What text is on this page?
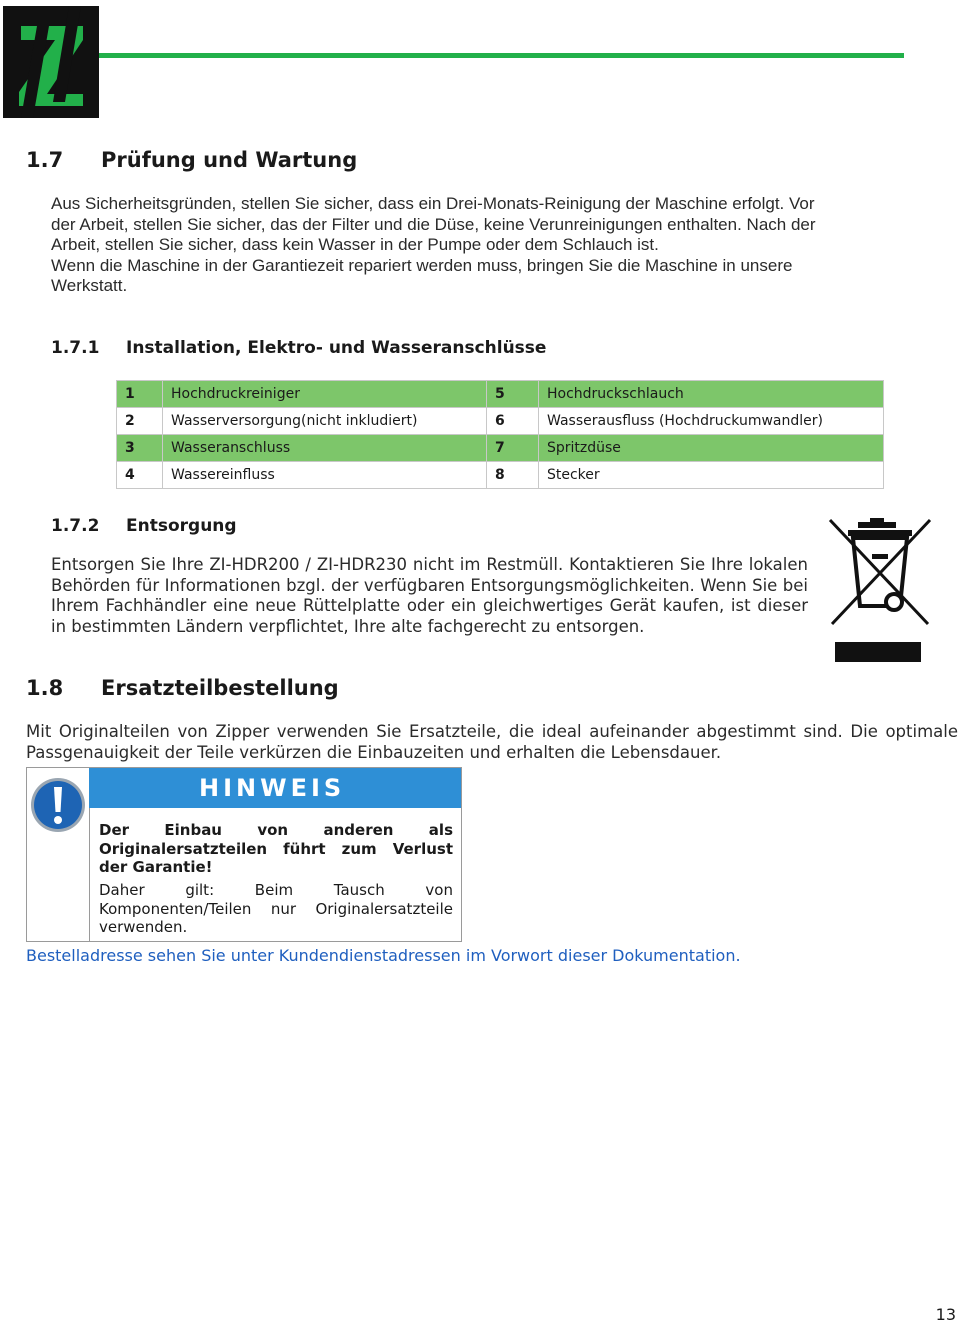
1.7 Prüfung und Wartung
Aus Sicherheitsgründen, stellen Sie sicher, dass ein Drei-Monats-Reinigung der Maschine erfolgt. Vor
der Arbeit, stellen Sie sicher, das der Filter und die Düse, keine Verunreinigungen enthalten. Nach der
Arbeit, stellen Sie sicher, dass kein Wasser in der Pumpe oder dem Schlauch ist.
Wenn die Maschine in der Garantiezeit repariert werden muss, bringen Sie die Maschine in unsere
Werkstatt.
1.7.1 Installation, Elektro- und Wasseranschlüsse
1	Hochdruckreiniger	5	Hochdruckschlauch
2	Wasserversorgung(nicht inkludiert)	6	Wasserausfluss (Hochdruckumwandler)
3	Wasseranschluss	7	Spritzdüse
4	Wassereinfluss	8	Stecker
1.7.2 Entsorgung
Entsorgen Sie Ihre ZI-HDR200 / ZI-HDR230 nicht im Restmüll. Kontaktieren Sie Ihre lokalen Behörden für Informationen bzgl. der verfügbaren Entsorgungsmöglichkeiten. Wenn Sie bei Ihrem Fachhändler eine neue Rüttelplatte oder ein gleichwertiges Gerät kaufen, ist dieser in bestimmten Ländern verpflichtet, Ihre alte fachgerecht zu entsorgen.
1.8 Ersatzteilbestellung
Mit Originalteilen von Zipper verwenden Sie Ersatzteile, die ideal aufeinander abgestimmt sind. Die optimale Passgenauigkeit der Teile verkürzen die Einbauzeiten und erhalten die Lebensdauer.
HINWEIS
Der Einbau von anderen als Originalersatzteilen führt zum Verlust der Garantie!
Daher gilt: Beim Tausch von Komponenten/Teilen nur Originalersatzteile verwenden.
Bestelladresse sehen Sie unter Kundendienstadressen im Vorwort dieser Dokumentation.
13
